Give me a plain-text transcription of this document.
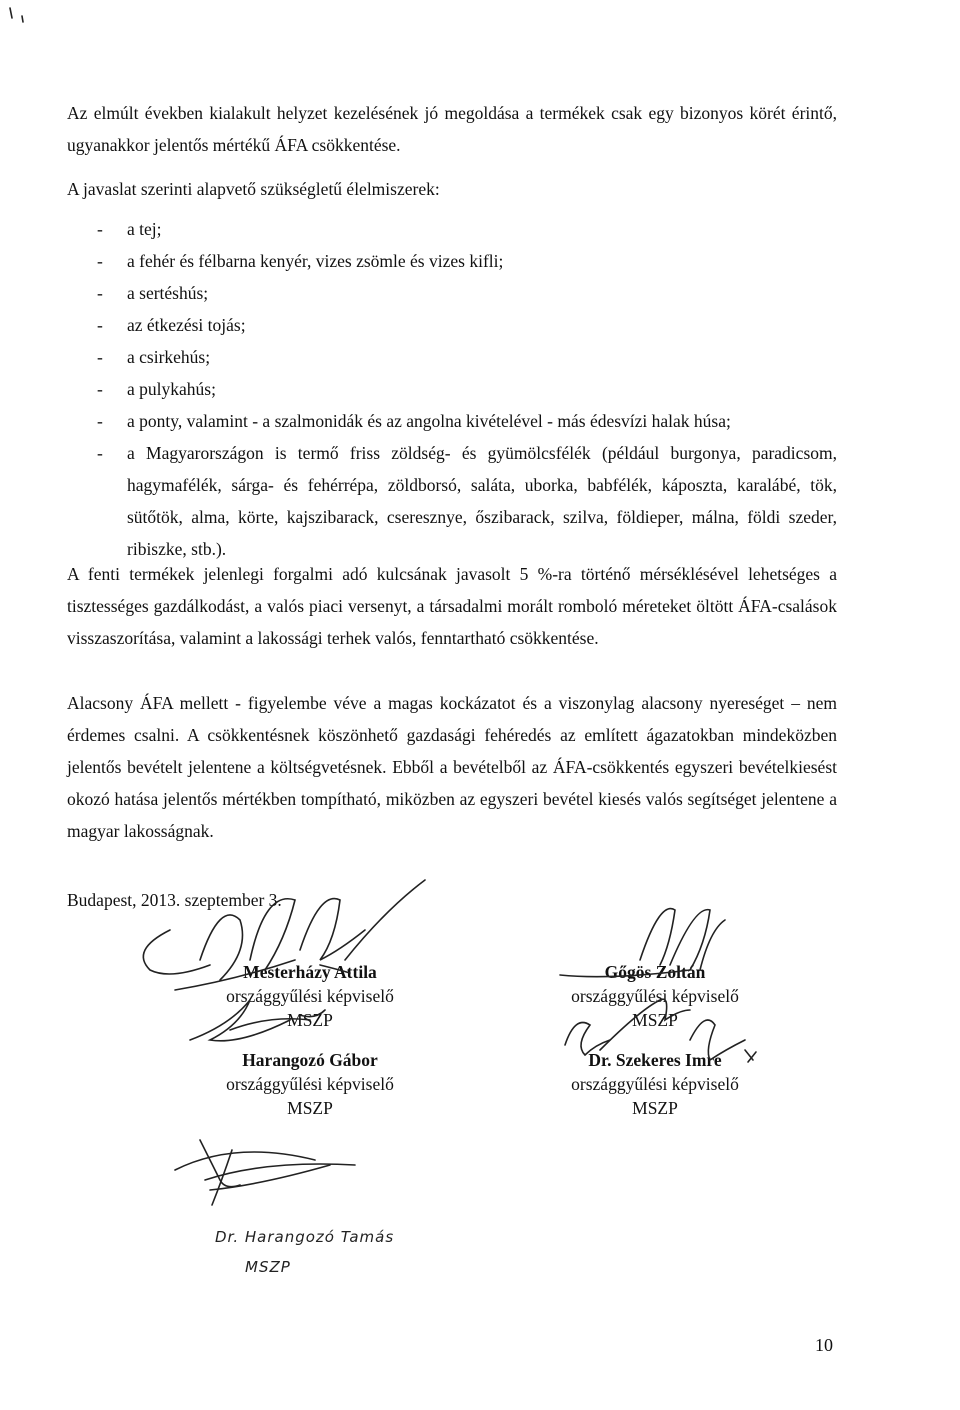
Az elmúlt években kialakult helyzet kezelésének jó megoldása a termékek csak egy bizonyos körét érintő, ugyanakkor jelentős mértékű ÁFA csökkentése.

A javaslat szerinti alapvető szükségletű élelmiszerek:

- a tej;
- a fehér és félbarna kenyér, vizes zsömle és vizes kifli;
- a sertéshús;
- az étkezési tojás;
- a csirkehús;
- a pulykahús;
- a ponty, valamint - a szalmonidák és az angolna kivételével - más édesvízi halak húsa;
- a Magyarországon is termő friss zöldség- és gyümölcsfélék (például burgonya, paradicsom, hagymafélék, sárga- és fehérrépa, zöldborsó, saláta, uborka, babfélék, káposzta, karalábé, tök, sütőtök, alma, körte, kajszibarack, cseresznye, őszibarack, szilva, földieper, málna, földi szeder, ribiszke, stb.).

A fenti termékek jelenlegi forgalmi adó kulcsának javasolt 5 %-ra történő mérséklésével lehetséges a tisztességes gazdálkodást, a valós piaci versenyt, a társadalmi morált romboló méreteket öltött ÁFA-csalások visszaszorítása, valamint a lakossági terhek valós, fenntartható csökkentése.

Alacsony ÁFA mellett - figyelembe véve a magas kockázatot és a viszonylag alacsony nyereséget – nem érdemes csalni. A csökkentésnek köszönhető gazdasági fehéredés az említett ágazatokban mindeközben jelentős bevételt jelentene a költségvetésnek. Ebből a bevételből az ÁFA-csökkentés egyszeri bevételkiesést okozó hatása jelentős mértékben tompítható, miközben az egyszeri bevétel kiesés valós segítséget jelentene a magyar lakosságnak.

Budapest, 2013. szeptember 3.
Mesterházy Attila
országgyűlési képviselő
MSZP
Gőgös Zoltán
országgyűlési képviselő
MSZP
Harangozó Gábor
országgyűlési képviselő
MSZP
Dr. Szekeres Imre
országgyűlési képviselő
MSZP
Dr. Harangozó Tamás
MSZP
10
